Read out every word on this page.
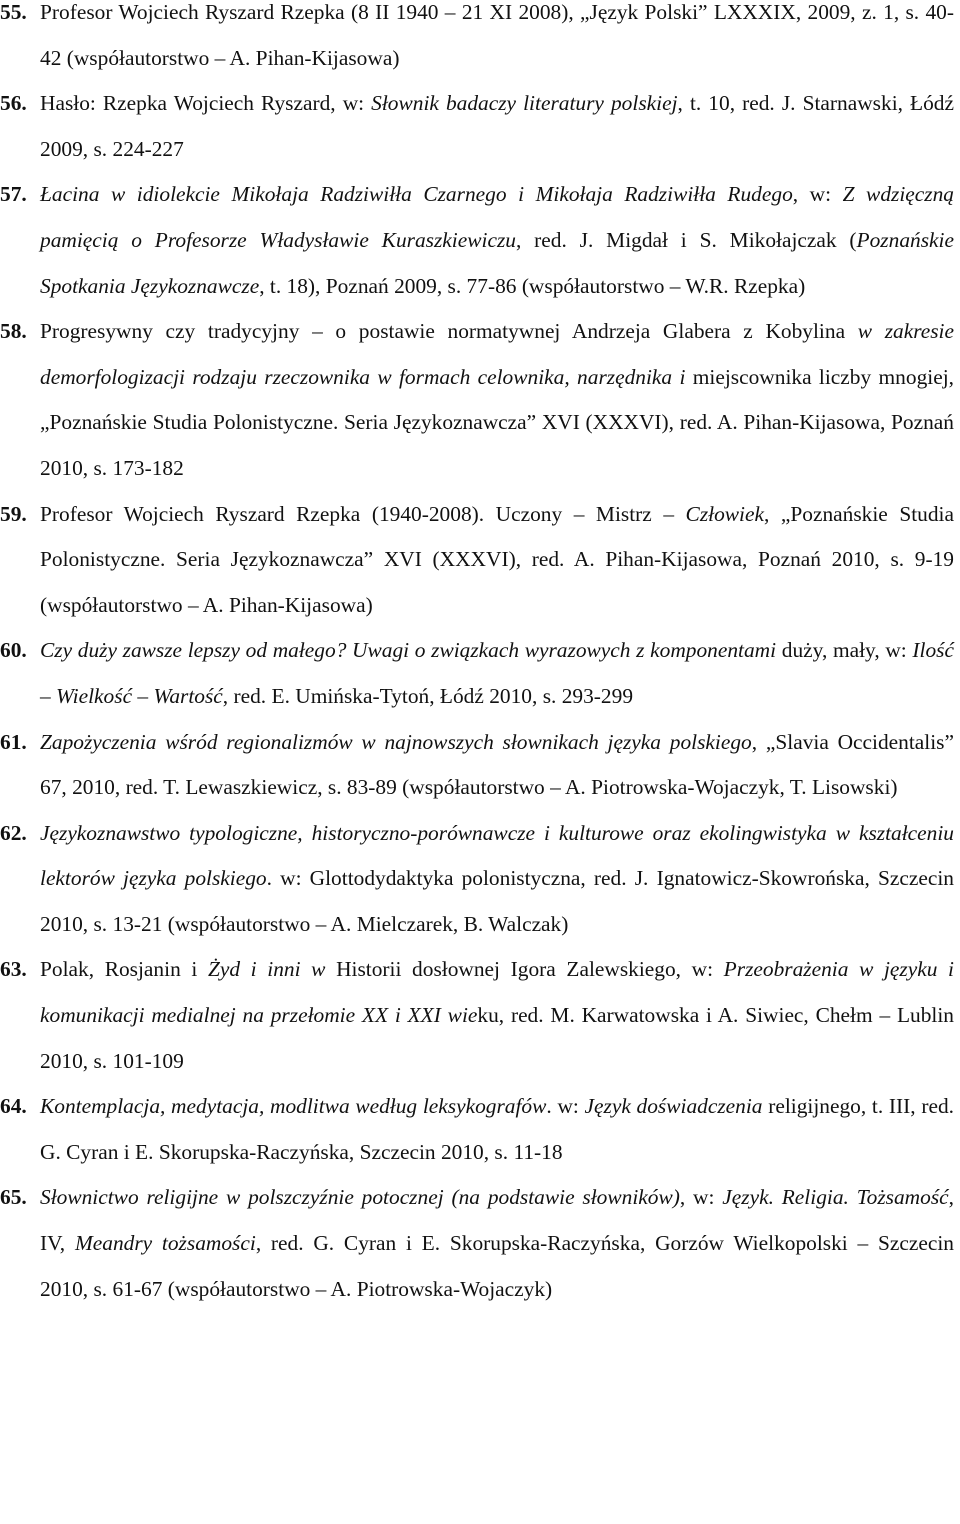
55. Profesor Wojciech Ryszard Rzepka (8 II 1940 – 21 XI 2008), „Język Polski” LXXXIX, 2009, z. 1, s. 40-42 (współautorstwo – A. Pihan-Kijasowa)

56. Hasło: Rzepka Wojciech Ryszard, w: Słownik badaczy literatury polskiej, t. 10, red. J. Starnawski, Łódź 2009, s. 224-227

57. Łacina w idiolekcie Mikołaja Radziwiłła Czarnego i Mikołaja Radziwiłła Rudego, w: Z wdzięczną pamięcią o Profesorze Władysławie Kuraszkiewiczu, red. J. Migdał i S. Mikołajczak (Poznańskie Spotkania Językoznawcze, t. 18), Poznań 2009, s. 77-86 (współautorstwo – W.R. Rzepka)

58. Progresywny czy tradycyjny – o postawie normatywnej Andrzeja Glabera z Kobylina w zakresie demorfologizacji rodzaju rzeczownika w formach celownika, narzędnika i miejscownika liczby mnogiej, „Poznańskie Studia Polonistyczne. Seria Językoznawcza” XVI (XXXVI), red. A. Pihan-Kijasowa, Poznań 2010, s. 173-182

59. Profesor Wojciech Ryszard Rzepka (1940-2008). Uczony – Mistrz – Człowiek, „Poznańskie Studia Polonistyczne. Seria Językoznawcza” XVI (XXXVI), red. A. Pihan-Kijasowa, Poznań 2010, s. 9-19 (współautorstwo – A. Pihan-Kijasowa)

60. Czy duży zawsze lepszy od małego? Uwagi o związkach wyrazowych z komponentami duży, mały, w: Ilość – Wielkość – Wartość, red. E. Umińska-Tytoń, Łódź 2010, s. 293-299

61. Zapożyczenia wśród regionalizmów w najnowszych słownikach języka polskiego, „Slavia Occidentalis” 67, 2010, red. T. Lewaszkiewicz, s. 83-89 (współautorstwo – A. Piotrowska-Wojaczyk, T. Lisowski)

62. Językoznawstwo typologiczne, historyczno-porównawcze i kulturowe oraz ekolingwistyka w kształceniu lektorów języka polskiego. w: Glottodydaktyka polonistyczna, red. J. Ignatowicz-Skowrońska, Szczecin 2010, s. 13-21 (współautorstwo – A. Mielczarek, B. Walczak)

63. Polak, Rosjanin i Żyd i inni w Historii dosłownej Igora Zalewskiego, w: Przeobrażenia w języku i komunikacji medialnej na przełomie XX i XXI wieku, red. M. Karwatowska i A. Siwiec, Chełm – Lublin 2010, s. 101-109

64. Kontemplacja, medytacja, modlitwa według leksykografów. w: Język doświadczenia religijnego, t. III, red. G. Cyran i E. Skorupska-Raczyńska, Szczecin 2010, s. 11-18

65. Słownictwo religijne w polszczyźnie potocznej (na podstawie słowników), w: Język. Religia. Tożsamość, IV, Meandry tożsamości, red. G. Cyran i E. Skorupska-Raczyńska, Gorzów Wielkopolski – Szczecin 2010, s. 61-67 (współautorstwo – A. Piotrowska-Wojaczyk)
